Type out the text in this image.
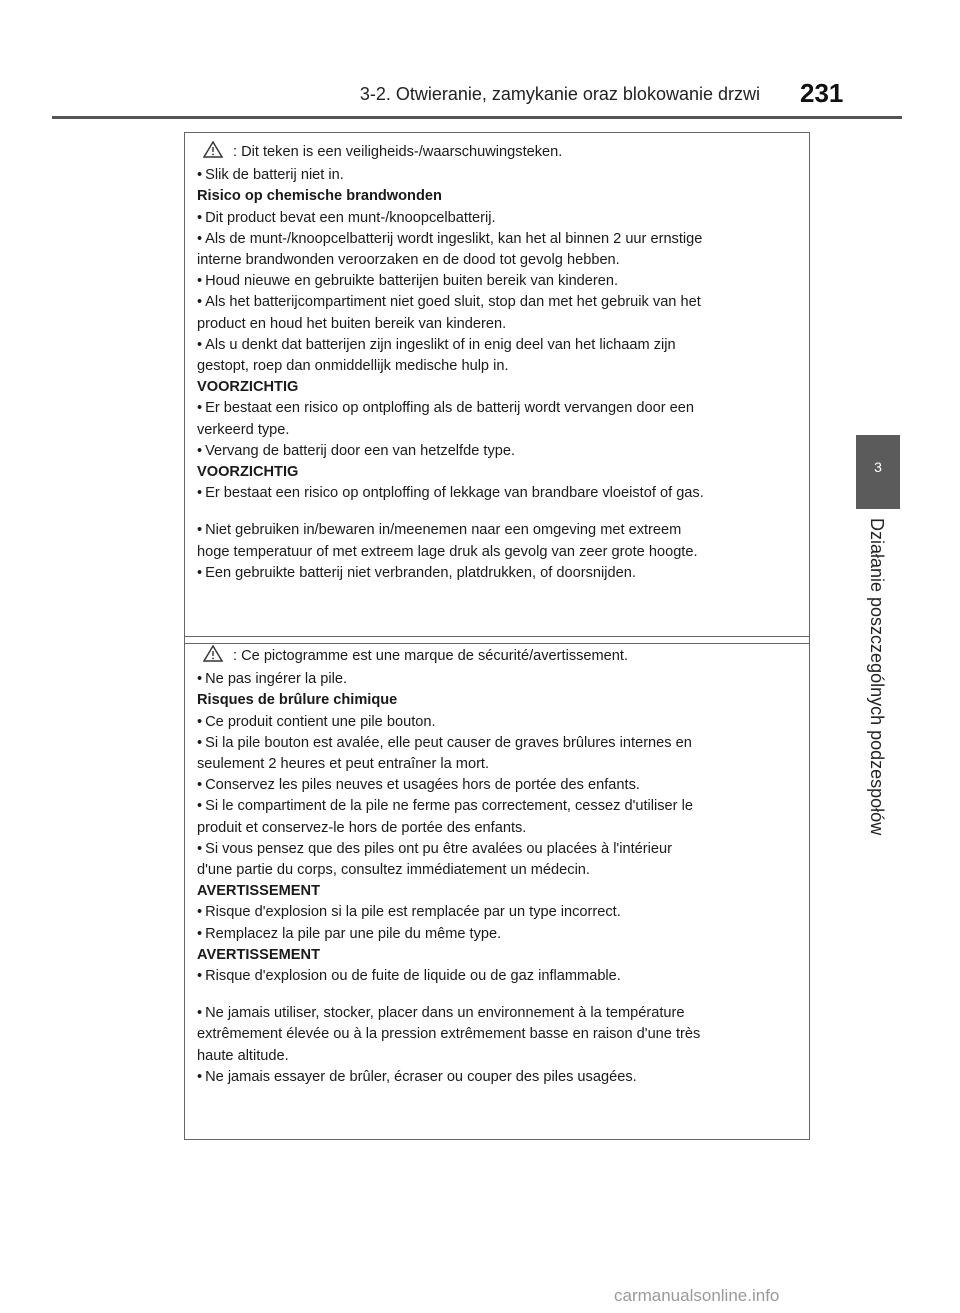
3-2. Otwieranie, zamykanie oraz blokowanie drzwi 231
3
Działanie poszczególnych podzespołów
: Dit teken is een veiligheids-/waarschuwingsteken.
• Slik de batterij niet in.
Risico op chemische brandwonden
• Dit product bevat een munt-/knoopcelbatterij.
• Als de munt-/knoopcelbatterij wordt ingeslikt, kan het al binnen 2 uur ernstige
interne brandwonden veroorzaken en de dood tot gevolg hebben.
• Houd nieuwe en gebruikte batterijen buiten bereik van kinderen.
• Als het batterijcompartiment niet goed sluit, stop dan met het gebruik van het
product en houd het buiten bereik van kinderen.
• Als u denkt dat batterijen zijn ingeslikt of in enig deel van het lichaam zijn
gestopt, roep dan onmiddellijk medische hulp in.
VOORZICHTIG
• Er bestaat een risico op ontploffing als de batterij wordt vervangen door een
verkeerd type.
• Vervang de batterij door een van hetzelfde type.
VOORZICHTIG
• Er bestaat een risico op ontploffing of lekkage van brandbare vloeistof of gas.
• Niet gebruiken in/bewaren in/meenemen naar een omgeving met extreem
hoge temperatuur of met extreem lage druk als gevolg van zeer grote hoogte.
• Een gebruikte batterij niet verbranden, platdrukken, of doorsnijden.
: Ce pictogramme est une marque de sécurité/avertissement.
• Ne pas ingérer la pile.
Risques de brûlure chimique
• Ce produit contient une pile bouton.
• Si la pile bouton est avalée, elle peut causer de graves brûlures internes en
seulement 2 heures et peut entraîner la mort.
• Conservez les piles neuves et usagées hors de portée des enfants.
• Si le compartiment de la pile ne ferme pas correctement, cessez d'utiliser le
produit et conservez-le hors de portée des enfants.
• Si vous pensez que des piles ont pu être avalées ou placées à l'intérieur
d'une partie du corps, consultez immédiatement un médecin.
AVERTISSEMENT
• Risque d'explosion si la pile est remplacée par un type incorrect.
• Remplacez la pile par une pile du même type.
AVERTISSEMENT
• Risque d'explosion ou de fuite de liquide ou de gaz inflammable.
• Ne jamais utiliser, stocker, placer dans un environnement à la température
extrêmement élevée ou à la pression extrêmement basse en raison d'une très
haute altitude.
• Ne jamais essayer de brûler, écraser ou couper des piles usagées.
carmanualsonline.info
